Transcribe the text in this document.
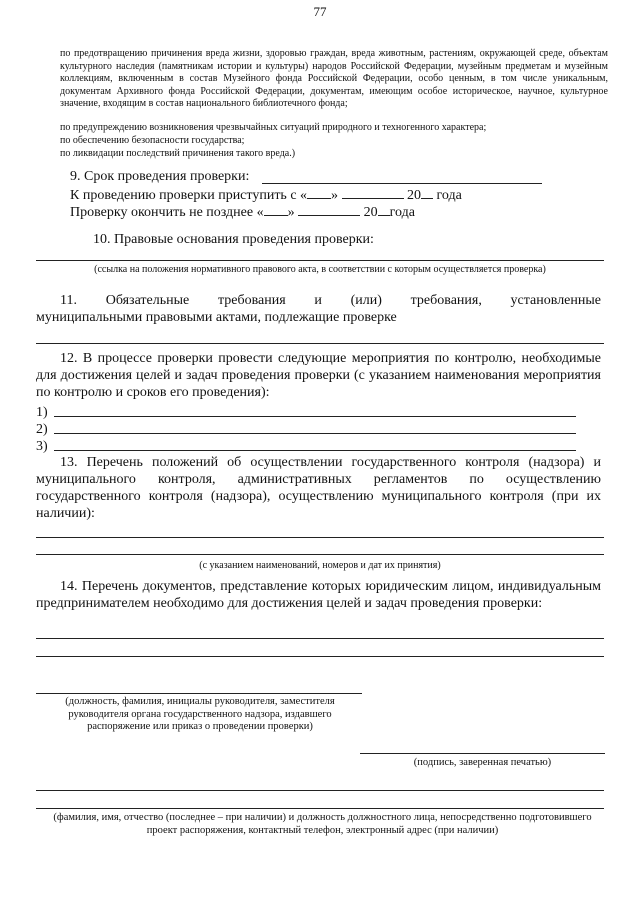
77
по предотвращению причинения вреда жизни, здоровью граждан, вреда животным, растениям, окружающей среде, объектам культурного наследия (памятникам истории и культуры) народов Российской Федерации, музейным предметам и музейным коллекциям, включенным в состав Музейного фонда Российской Федерации, особо ценным, в том числе уникальным, документам Архивного фонда Российской Федерации, документам, имеющим особое историческое, научное, культурное значение, входящим в состав национального библиотечного фонда;
по предупреждению возникновения чрезвычайных ситуаций природного и техногенного характера;
по обеспечению безопасности государства;
по ликвидации последствий причинения такого вреда.)
9. Срок проведения проверки:
К проведению проверки приступить с « »	20 года
Проверку окончить не позднее « »	20 года
10. Правовые основания проведения проверки:
(ссылка на положения нормативного правового акта, в соответствии с которым осуществляется проверка)
11. Обязательные требования и (или) требования, установленные
муниципальными правовыми актами, подлежащие проверке
12. В процессе проверки провести следующие мероприятия по контролю, необходимые для достижения целей и задач проведения проверки (с указанием наименования мероприятия по контролю и сроков его проведения):
1)
2)
3)
13. Перечень положений об осуществлении государственного контроля (надзора) и муниципального контроля, административных регламентов по осуществлению государственного контроля (надзора), осуществлению муниципального контроля (при их наличии):
(с указанием наименований, номеров и дат их принятия)
14. Перечень документов, представление которых юридическим лицом, индивидуальным предпринимателем необходимо для достижения целей и задач проведения проверки:
(должность, фамилия, инициалы руководителя, заместителя руководителя органа государственного надзора, издавшего распоряжение или приказ о проведении проверки)
(подпись, заверенная печатью)
(фамилия, имя, отчество (последнее – при наличии) и должность должностного лица, непосредственно подготовившего проект распоряжения, контактный телефон, электронный адрес (при наличии)
